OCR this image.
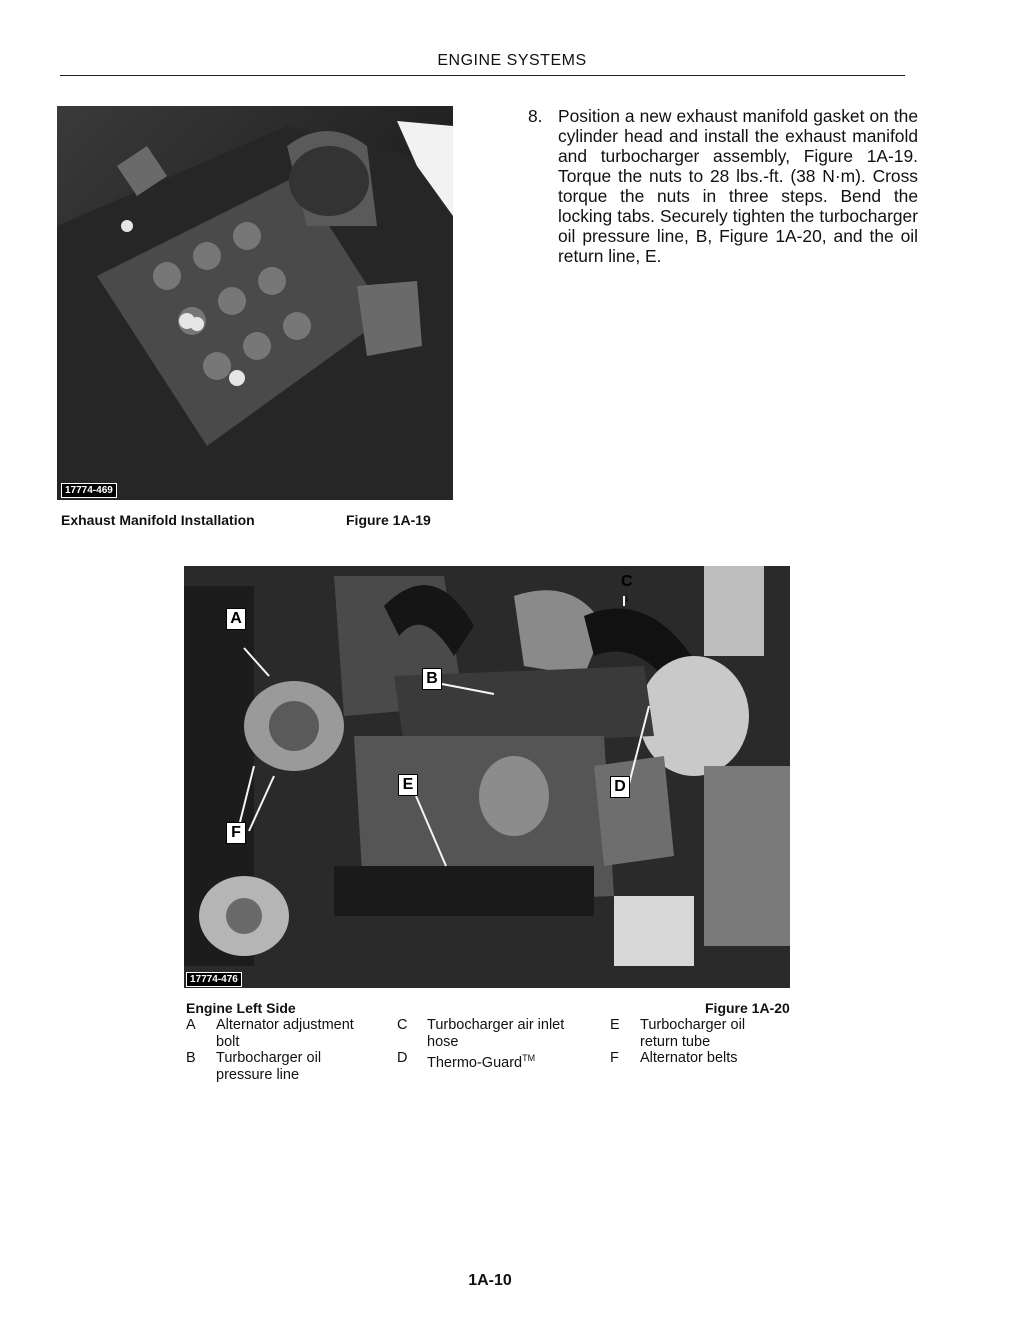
ENGINE SYSTEMS
17774-469
8. Position a new exhaust manifold gasket on the cylinder head and install the exhaust manifold and turbocharger assembly, Figure 1A-19. Torque the nuts to 28 lbs.-ft. (38 N·m). Cross torque the nuts in three steps. Bend the locking tabs. Securely tighten the turbocharger oil pressure line, B, Figure 1A-20, and the oil return line, E.
Exhaust Manifold Installation	Figure 1A-19
17774-476
A
B
C
↓
D
E
F
Engine Left Side	Figure 1A-20
A Alternator adjustment bolt
B Turbocharger oil pressure line
C Turbocharger air inlet hose
D Thermo-Guard™
E Turbocharger oil return tube
F Alternator belts
1A-10
